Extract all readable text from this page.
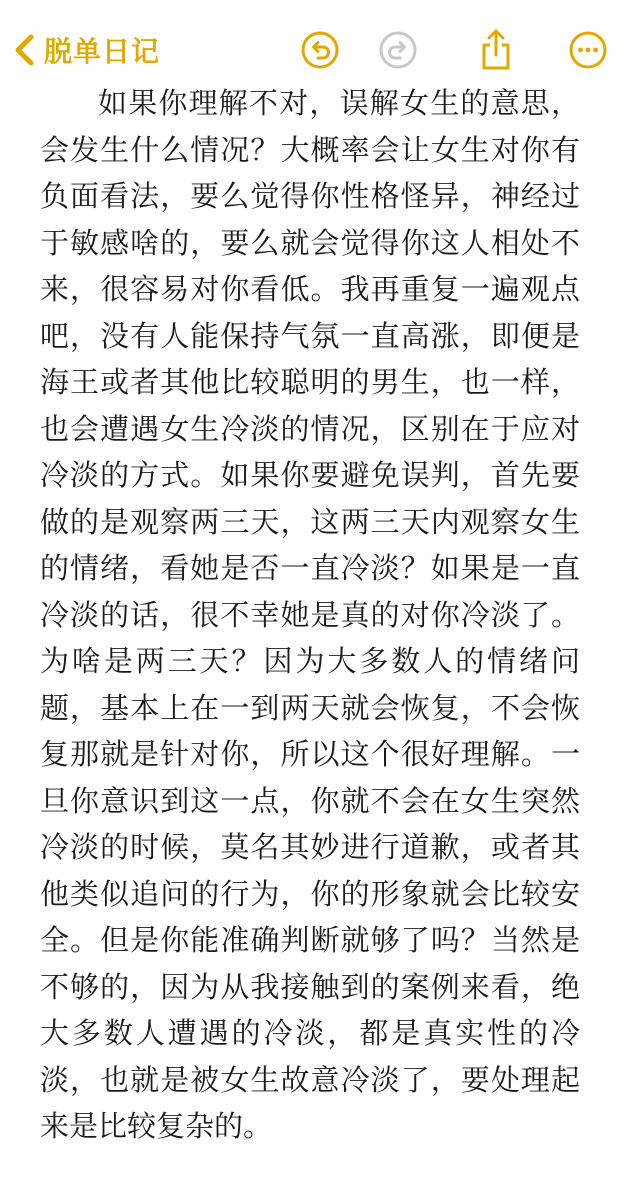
脱单日记

如果你理解不对，误解女生的意思，会发生什么情况？大概率会让女生对你有负面看法，要么觉得你性格怪异，神经过于敏感啥的，要么就会觉得你这人相处不来，很容易对你看低。我再重复一遍观点吧，没有人能保持气氛一直高涨，即便是海王或者其他比较聪明的男生，也一样，也会遭遇女生冷淡的情况，区别在于应对冷淡的方式。如果你要避免误判，首先要做的是观察两三天，这两三天内观察女生的情绪，看她是否一直冷淡？如果是一直冷淡的话，很不幸她是真的对你冷淡了。为啥是两三天？因为大多数人的情绪问题，基本上在一到两天就会恢复，不会恢复那就是针对你，所以这个很好理解。一旦你意识到这一点，你就不会在女生突然冷淡的时候，莫名其妙进行道歉，或者其他类似追问的行为，你的形象就会比较安全。但是你能准确判断就够了吗？当然是不够的，因为从我接触到的案例来看，绝大多数人遭遇的冷淡，都是真实性的冷淡，也就是被女生故意冷淡了，要处理起来是比较复杂的。
